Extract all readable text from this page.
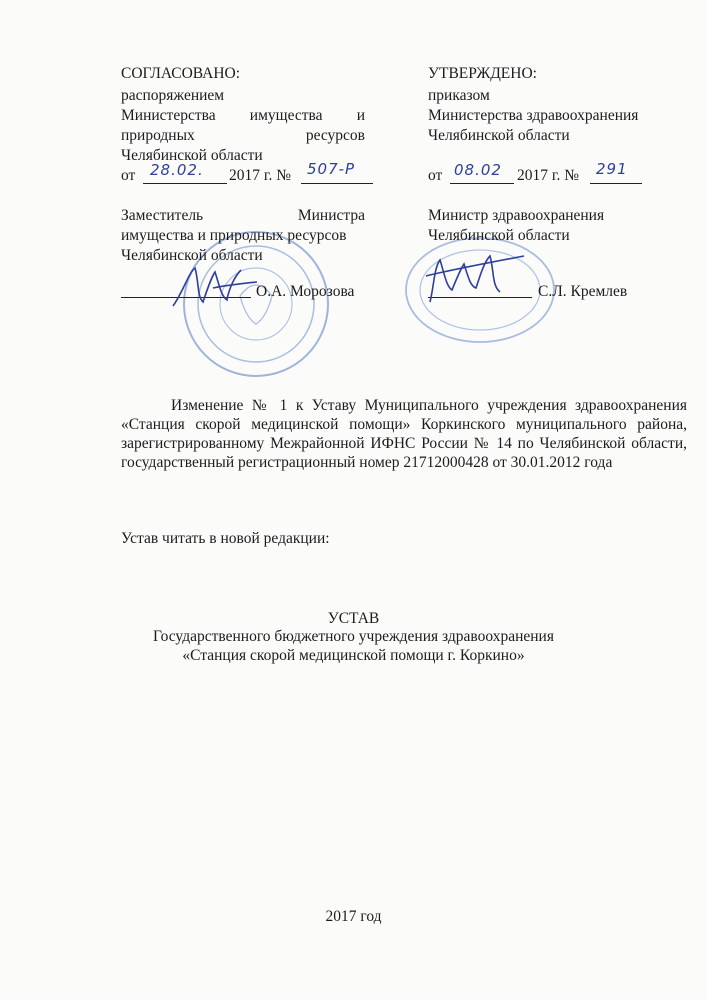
СОГЛАСОВАНО:
распоряжением
Министерства имущества и
природных	ресурсов
Челябинской области
от 28.02. 2017 г. № 507-Р
Заместитель	Министра
имущества и природных ресурсов
Челябинской области
О.А. Морозова
УТВЕРЖДЕНО:
приказом
Министерства здравоохранения
Челябинской области
от 08.02 2017 г. № 291
Министр здравоохранения
Челябинской области
С.Л. Кремлев
Изменение № 1 к Уставу Муниципального учреждения здравоохранения «Станция скорой медицинской помощи» Коркинского муниципального района, зарегистрированному Межрайонной ИФНС России № 14 по Челябинской области, государственный регистрационный номер 21712000428 от 30.01.2012 года
Устав читать в новой редакции:
УСТАВ
Государственного бюджетного учреждения здравоохранения
«Станция скорой медицинской помощи г. Коркино»
2017 год
